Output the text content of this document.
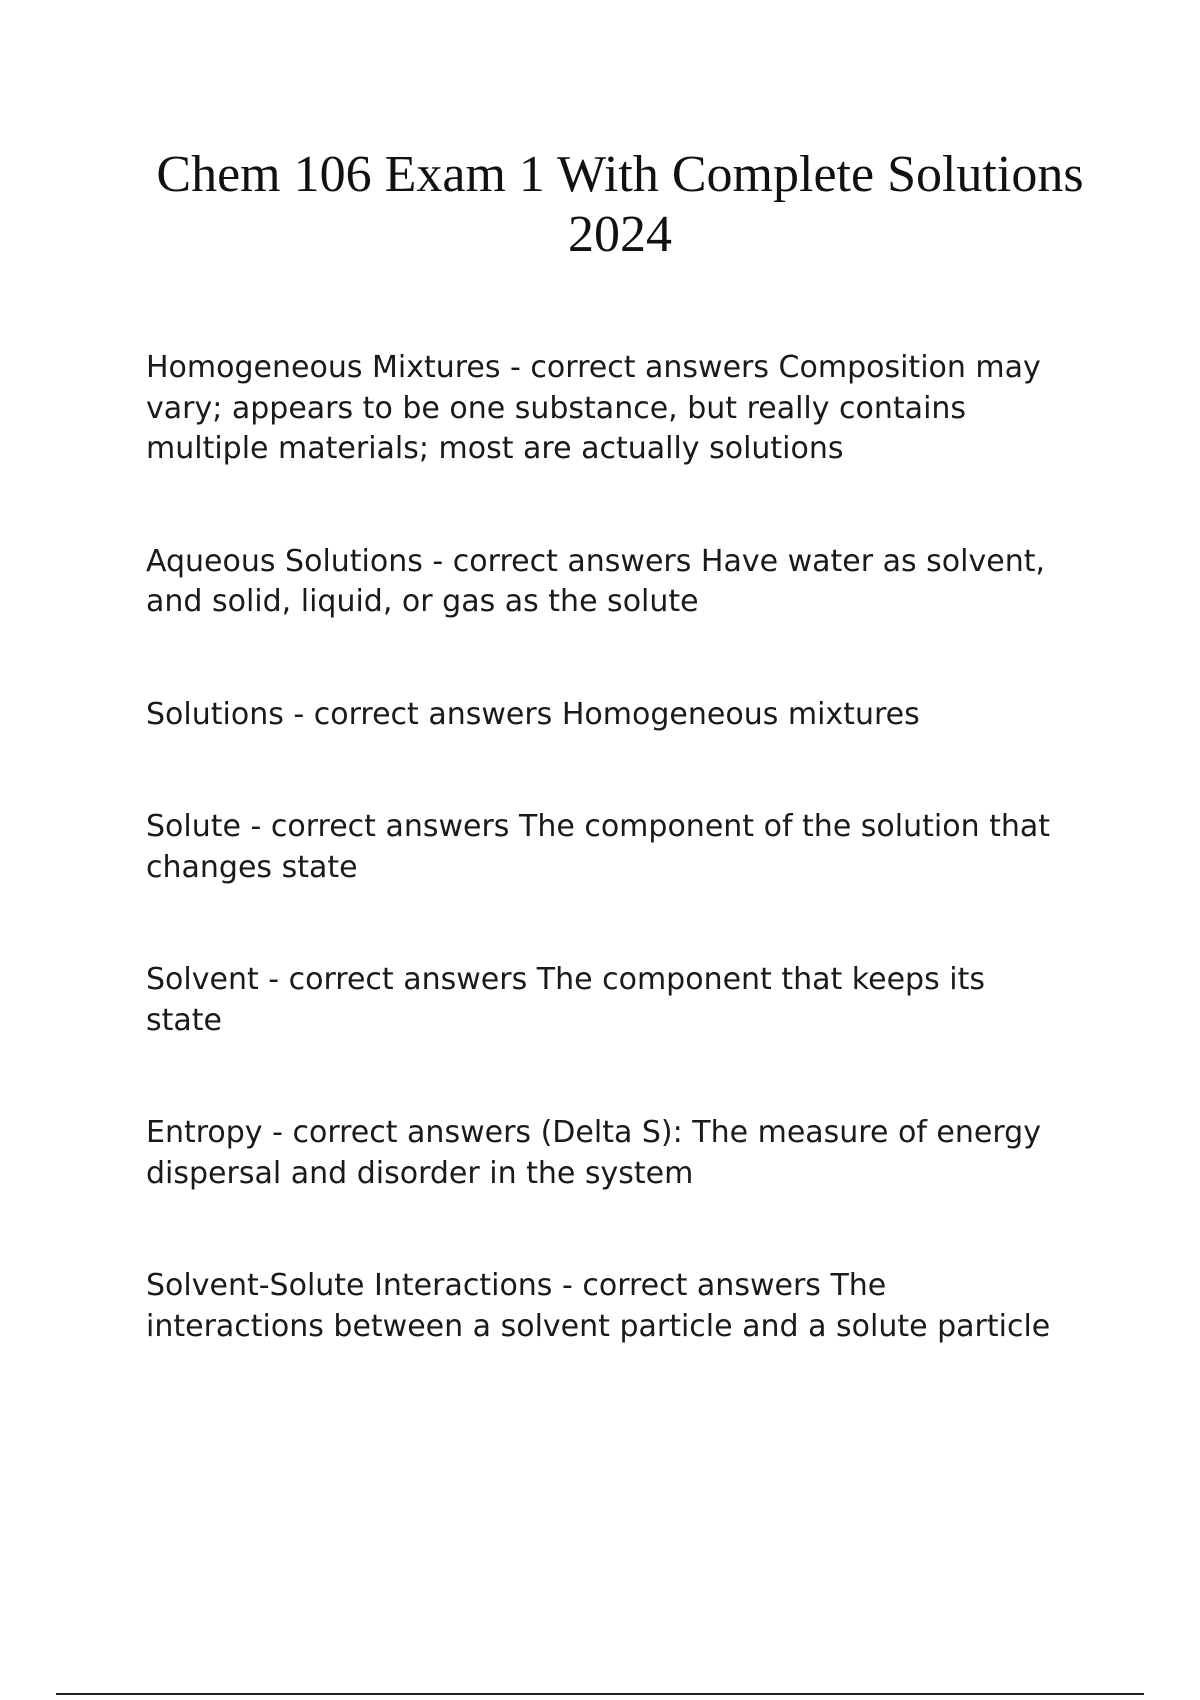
Chem 106 Exam 1 With Complete Solutions 2024

Homogeneous Mixtures - correct answers Composition may vary; appears to be one substance, but really contains multiple materials; most are actually solutions

Aqueous Solutions - correct answers Have water as solvent, and solid, liquid, or gas as the solute

Solutions - correct answers Homogeneous mixtures

Solute - correct answers The component of the solution that changes state

Solvent - correct answers The component that keeps its state

Entropy - correct answers (Delta S): The measure of energy dispersal and disorder in the system

Solvent-Solute Interactions - correct answers The interactions between a solvent particle and a solute particle
